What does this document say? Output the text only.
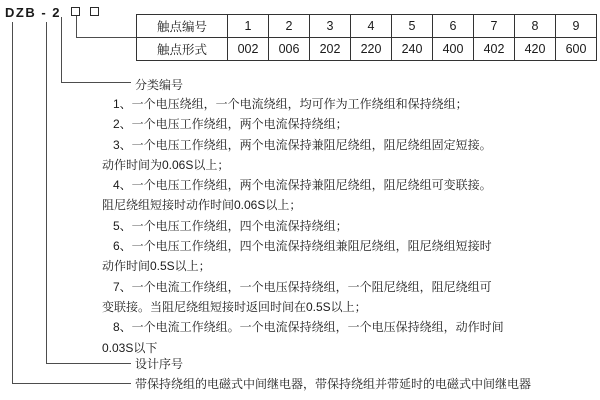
DZB - 2
触点编号	1	2	3	4	5	6	7	8	9
触点形式	002	006	202	220	240	400	402	420	600
分类编号
设计序号
带保持绕组的电磁式中间继电器，带保持绕组并带延时的电磁式中间继电器
1、一个电压绕组，一个电流绕组，均可作为工作绕组和保持绕组；
2、一个电压工作绕组，两个电流保持绕组；
3、一个电压工作绕组，两个电流保持兼阻尼绕组，阻尼绕组固定短接。
动作时间为0.06S以上；
4、一个电压工作绕组，两个电流保持兼阻尼绕组，阻尼绕组可变联接。
阻尼绕组短接时动作时间0.06S以上；
5、一个电压工作绕组，四个电流保持绕组；
6、一个电压工作绕组，四个电流保持绕组兼阻尼绕组，阻尼绕组短接时
动作时间0.5S以上；
7、一个电流工作绕组，一个电压保持绕组，一个阻尼绕组，阻尼绕组可
变联接。当阻尼绕组短接时返回时间在0.5S以上；
8、一个电流工作绕组。一个电流保持绕组，一个电压保持绕组，动作时间
0.03S以下
